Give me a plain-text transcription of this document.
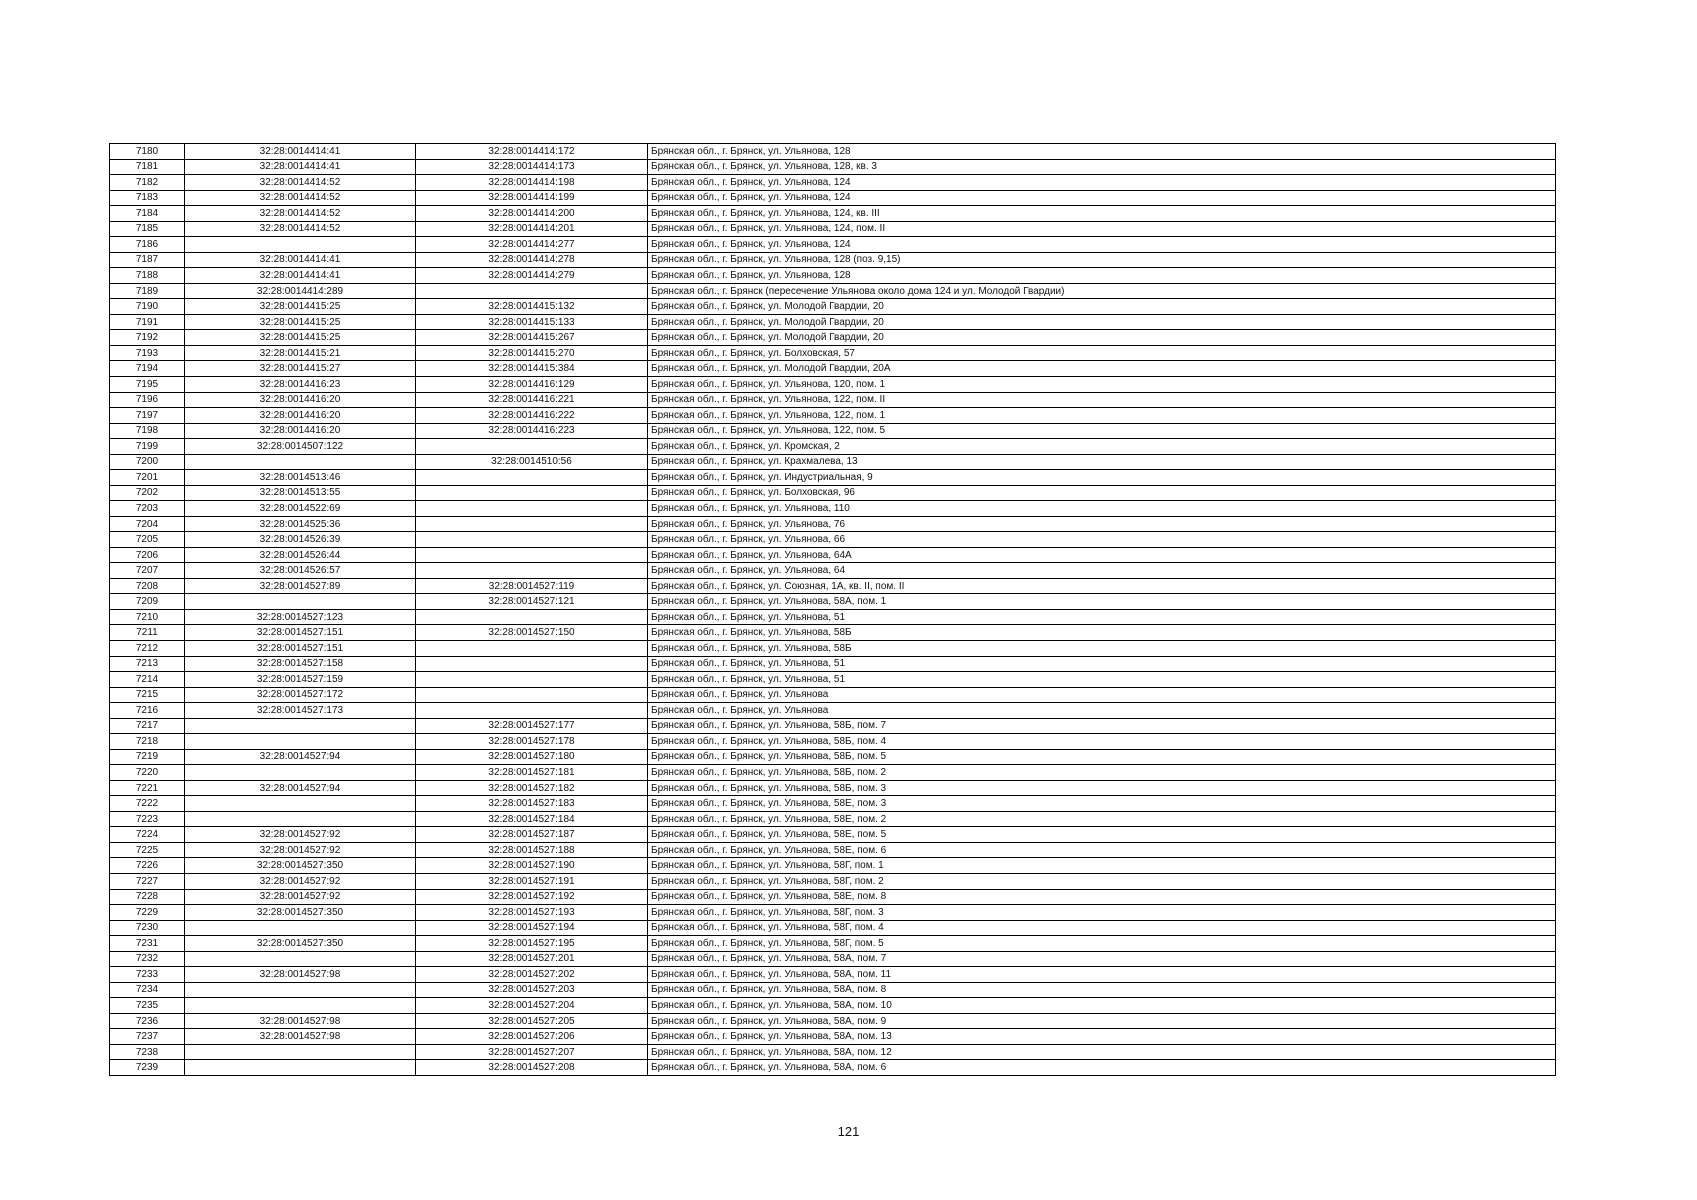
7180	32:28:0014414:41	32:28:0014414:172	Брянская обл., г. Брянск, ул. Ульянова, 128
7181	32:28:0014414:41	32:28:0014414:173	Брянская обл., г. Брянск, ул. Ульянова, 128, кв. 3
7182	32:28:0014414:52	32:28:0014414:198	Брянская обл., г. Брянск, ул. Ульянова, 124
7183	32:28:0014414:52	32:28:0014414:199	Брянская обл., г. Брянск, ул. Ульянова, 124
7184	32:28:0014414:52	32:28:0014414:200	Брянская обл., г. Брянск, ул. Ульянова, 124, кв. III
7185	32:28:0014414:52	32:28:0014414:201	Брянская обл., г. Брянск, ул. Ульянова, 124, пом. II
7186		32:28:0014414:277	Брянская обл., г. Брянск, ул. Ульянова, 124
7187	32:28:0014414:41	32:28:0014414:278	Брянская обл., г. Брянск, ул. Ульянова, 128 (поз. 9,15)
7188	32:28:0014414:41	32:28:0014414:279	Брянская обл., г. Брянск, ул. Ульянова, 128
7189	32:28:0014414:289		Брянская обл., г. Брянск (пересечение Ульянова около дома 124 и ул. Молодой Гвардии)
7190	32:28:0014415:25	32:28:0014415:132	Брянская обл., г. Брянск, ул. Молодой Гвардии, 20
7191	32:28:0014415:25	32:28:0014415:133	Брянская обл., г. Брянск, ул. Молодой Гвардии, 20
7192	32:28:0014415:25	32:28:0014415:267	Брянская обл., г. Брянск, ул. Молодой Гвардии, 20
7193	32:28:0014415:21	32:28:0014415:270	Брянская обл., г. Брянск, ул. Болховская, 57
7194	32:28:0014415:27	32:28:0014415:384	Брянская обл., г. Брянск, ул. Молодой Гвардии, 20А
7195	32:28:0014416:23	32:28:0014416:129	Брянская обл., г. Брянск, ул. Ульянова, 120, пом. 1
7196	32:28:0014416:20	32:28:0014416:221	Брянская обл., г. Брянск, ул. Ульянова, 122, пом. II
7197	32:28:0014416:20	32:28:0014416:222	Брянская обл., г. Брянск, ул. Ульянова, 122, пом. 1
7198	32:28:0014416:20	32:28:0014416:223	Брянская обл., г. Брянск, ул. Ульянова, 122, пом. 5
7199	32:28:0014507:122		Брянская обл., г. Брянск, ул. Кромская, 2
7200		32:28:0014510:56	Брянская обл., г. Брянск, ул. Крахмалева, 13
7201	32:28:0014513:46		Брянская обл., г. Брянск, ул. Индустриальная, 9
7202	32:28:0014513:55		Брянская обл., г. Брянск, ул. Болховская, 96
7203	32:28:0014522:69		Брянская обл., г. Брянск, ул. Ульянова, 110
7204	32:28:0014525:36		Брянская обл., г. Брянск, ул. Ульянова, 76
7205	32:28:0014526:39		Брянская обл., г. Брянск, ул. Ульянова, 66
7206	32:28:0014526:44		Брянская обл., г. Брянск, ул. Ульянова, 64А
7207	32:28:0014526:57		Брянская обл., г. Брянск, ул. Ульянова, 64
7208	32:28:0014527:89	32:28:0014527:119	Брянская обл., г. Брянск, ул. Союзная, 1А, кв. II, пом. II
7209		32:28:0014527:121	Брянская обл., г. Брянск, ул. Ульянова, 58А, пом. 1
7210	32:28:0014527:123		Брянская обл., г. Брянск, ул. Ульянова, 51
7211	32:28:0014527:151	32:28:0014527:150	Брянская обл., г. Брянск, ул. Ульянова, 58Б
7212	32:28:0014527:151		Брянская обл., г. Брянск, ул. Ульянова, 58Б
7213	32:28:0014527:158		Брянская обл., г. Брянск, ул. Ульянова, 51
7214	32:28:0014527:159		Брянская обл., г. Брянск, ул. Ульянова, 51
7215	32:28:0014527:172		Брянская обл., г. Брянск, ул. Ульянова
7216	32:28:0014527:173		Брянская обл., г. Брянск, ул. Ульянова
7217		32:28:0014527:177	Брянская обл., г. Брянск, ул. Ульянова, 58Б, пом. 7
7218		32:28:0014527:178	Брянская обл., г. Брянск, ул. Ульянова, 58Б, пом. 4
7219	32:28:0014527:94	32:28:0014527:180	Брянская обл., г. Брянск, ул. Ульянова, 58Б, пом. 5
7220		32:28:0014527:181	Брянская обл., г. Брянск, ул. Ульянова, 58Б, пом. 2
7221	32:28:0014527:94	32:28:0014527:182	Брянская обл., г. Брянск, ул. Ульянова, 58Б, пом. 3
7222		32:28:0014527:183	Брянская обл., г. Брянск, ул. Ульянова, 58Е, пом. 3
7223		32:28:0014527:184	Брянская обл., г. Брянск, ул. Ульянова, 58Е, пом. 2
7224	32:28:0014527:92	32:28:0014527:187	Брянская обл., г. Брянск, ул. Ульянова, 58Е, пом. 5
7225	32:28:0014527:92	32:28:0014527:188	Брянская обл., г. Брянск, ул. Ульянова, 58Е, пом. 6
7226	32:28:0014527:350	32:28:0014527:190	Брянская обл., г. Брянск, ул. Ульянова, 58Г, пом. 1
7227	32:28:0014527:92	32:28:0014527:191	Брянская обл., г. Брянск, ул. Ульянова, 58Г, пом. 2
7228	32:28:0014527:92	32:28:0014527:192	Брянская обл., г. Брянск, ул. Ульянова, 58Е, пом. 8
7229	32:28:0014527:350	32:28:0014527:193	Брянская обл., г. Брянск, ул. Ульянова, 58Г, пом. 3
7230		32:28:0014527:194	Брянская обл., г. Брянск, ул. Ульянова, 58Г, пом. 4
7231	32:28:0014527:350	32:28:0014527:195	Брянская обл., г. Брянск, ул. Ульянова, 58Г, пом. 5
7232		32:28:0014527:201	Брянская обл., г. Брянск, ул. Ульянова, 58А, пом. 7
7233	32:28:0014527:98	32:28:0014527:202	Брянская обл., г. Брянск, ул. Ульянова, 58А, пом. 11
7234		32:28:0014527:203	Брянская обл., г. Брянск, ул. Ульянова, 58А, пом. 8
7235		32:28:0014527:204	Брянская обл., г. Брянск, ул. Ульянова, 58А, пом. 10
7236	32:28:0014527:98	32:28:0014527:205	Брянская обл., г. Брянск, ул. Ульянова, 58А, пом. 9
7237	32:28:0014527:98	32:28:0014527:206	Брянская обл., г. Брянск, ул. Ульянова, 58А, пом. 13
7238		32:28:0014527:207	Брянская обл., г. Брянск, ул. Ульянова, 58А, пом. 12
7239		32:28:0014527:208	Брянская обл., г. Брянск, ул. Ульянова, 58А, пом. 6
121
